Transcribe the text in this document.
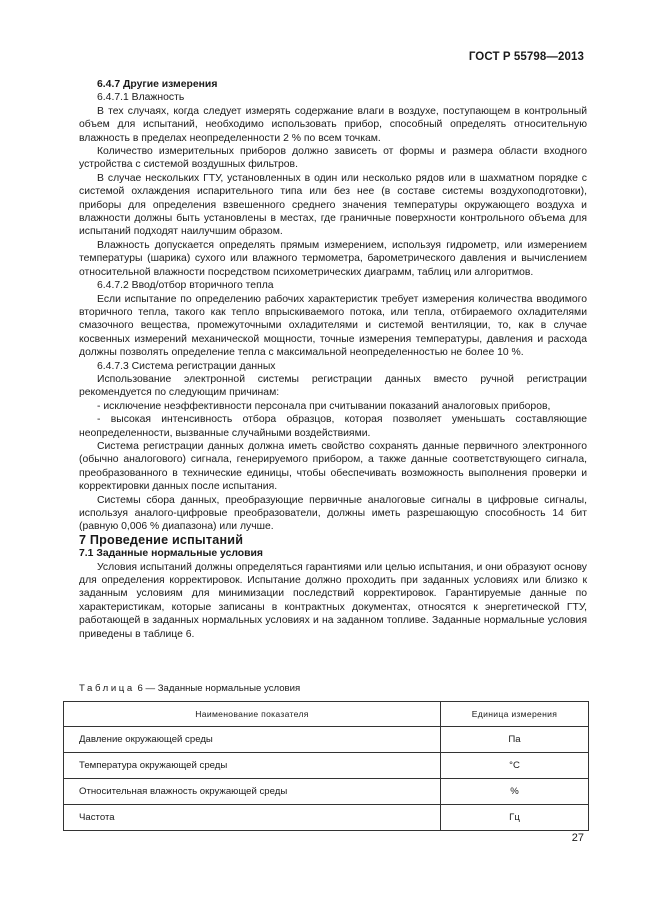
ГОСТ Р 55798—2013

6.4.7 Другие измерения

6.4.7.1 Влажность

В тех случаях, когда следует измерять содержание влаги в воздухе, поступающем в контрольный объем для испытаний, необходимо использовать прибор, способный определять относительную влажность в пределах неопределенности 2 % по всем точкам.

Количество измерительных приборов должно зависеть от формы и размера области входного устройства с системой воздушных фильтров.

В случае нескольких ГТУ, установленных в один или несколько рядов или в шахматном порядке с системой охлаждения испарительного типа или без нее (в составе системы воздухоподготовки), приборы для определения взвешенного среднего значения температуры окружающего воздуха и влажности должны быть установлены в местах, где граничные поверхности контрольного объема для испытаний подходят наилучшим образом.

Влажность допускается определять прямым измерением, используя гидрометр, или измерением температуры (шарика) сухого или влажного термометра, барометрического давления и вычислением относительной влажности посредством психометрических диаграмм, таблиц или алгоритмов.

6.4.7.2 Ввод/отбор вторичного тепла

Если испытание по определению рабочих характеристик требует измерения количества вводимого вторичного тепла, такого как тепло впрыскиваемого потока, или тепла, отбираемого охладителями смазочного вещества, промежуточными охладителями и системой вентиляции, то, как в случае косвенных измерений механической мощности, точные измерения температуры, давления и расхода должны позволять определение тепла с максимальной неопределенностью не более 10 %.

6.4.7.3 Система регистрации данных

Использование электронной системы регистрации данных вместо ручной регистрации рекомендуется по следующим причинам:

- исключение неэффективности персонала при считывании показаний аналоговых приборов,

- высокая интенсивность отбора образцов, которая позволяет уменьшать составляющие неопределенности, вызванные случайными воздействиями.

Система регистрации данных должна иметь свойство сохранять данные первичного электронного (обычно аналогового) сигнала, генерируемого прибором, а также данные соответствующего сигнала, преобразованного в технические единицы, чтобы обеспечивать возможность выполнения проверки и корректировки данных после испытания.

Системы сбора данных, преобразующие первичные аналоговые сигналы в цифровые сигналы, используя аналого-цифровые преобразователи, должны иметь разрешающую способность 14 бит (равную 0,006 % диапазона) или лучше.

7 Проведение испытаний

7.1 Заданные нормальные условия

Условия испытаний должны определяться гарантиями или целью испытания, и они образуют основу для определения корректировок. Испытание должно проходить при заданных условиях или близко к заданным условиям для минимизации последствий корректировок. Гарантируемые данные по характеристикам, которые записаны в контрактных документах, относятся к энергетической ГТУ, работающей в заданных нормальных условиях и на заданном топливе. Заданные нормальные условия приведены в таблице 6.

Таблица 6 — Заданные нормальные условия
Наименование показателя	Единица измерения
Давление окружающей среды	Па
Температура окружающей среды	°C
Относительная влажность окружающей среды	%
Частота	Гц
27
